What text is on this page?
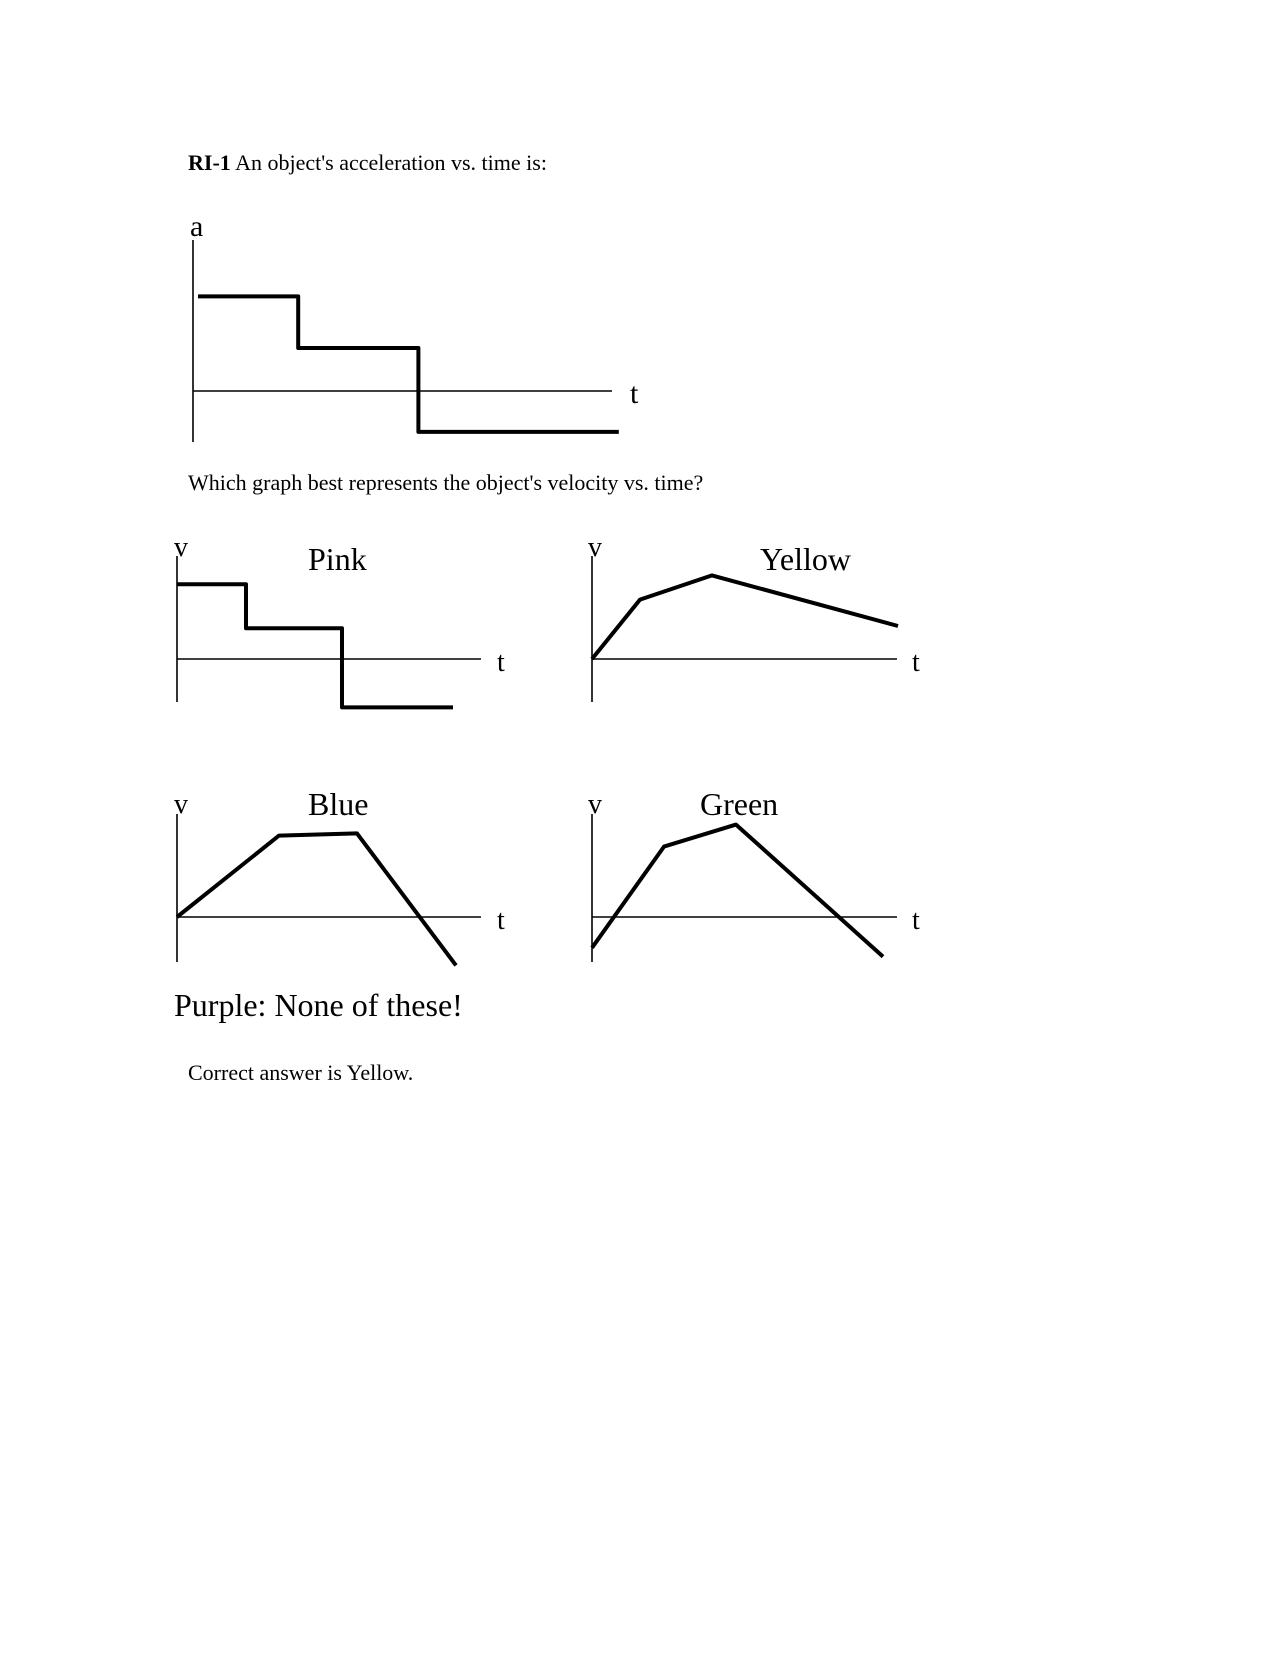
RI-1 An object's acceleration vs. time is:
a
t
v
t
Pink	v
t
Yellow
v
t
Blue	v
t
Green
Which graph best represents the object's velocity vs. time?
Purple: None of these!
Correct answer is Yellow.
